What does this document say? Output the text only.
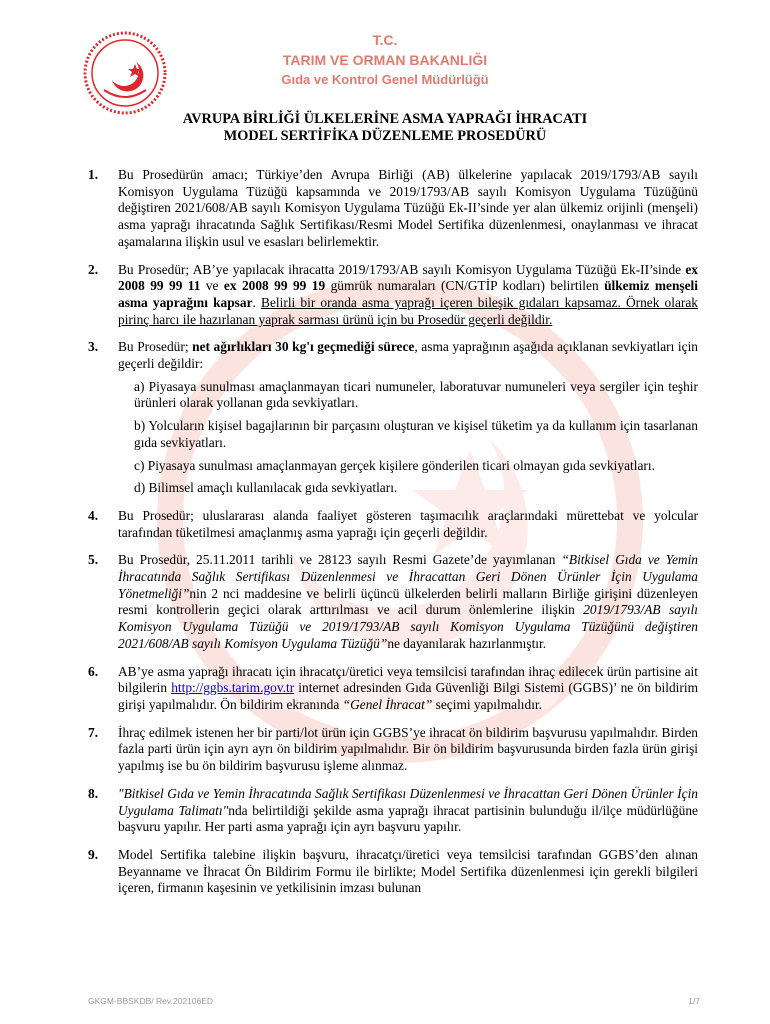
T.C.
TARIM VE ORMAN BAKANLIĞI
Gıda ve Kontrol Genel Müdürlüğü
AVRUPA BİRLİĞİ ÜLKELERİNE ASMA YAPRAĞI İHRACATI
MODEL SERTİFİKA DÜZENLEME PROSEDÜRÜ
1.	Bu Prosedürün amacı; Türkiye’den Avrupa Birliği (AB) ülkelerine yapılacak 2019/1793/AB sayılı Komisyon Uygulama Tüzüğü kapsamında ve 2019/1793/AB sayılı Komisyon Uygulama Tüzüğünü değiştiren 2021/608/AB sayılı Komisyon Uygulama Tüzüğü Ek-II’sinde yer alan ülkemiz orijinli (menşeli) asma yaprağı ihracatında Sağlık Sertifikası/Resmi Model Sertifika düzenlenmesi, onaylanması ve ihracat aşamalarına ilişkin usul ve esasları belirlemektir.
2.	Bu Prosedür; AB’ye yapılacak ihracatta 2019/1793/AB sayılı Komisyon Uygulama Tüzüğü Ek-II’sinde ex 2008 99 99 11 ve ex 2008 99 99 19 gümrük numaraları (CN/GTİP kodları) belirtilen ülkemiz menşeli asma yaprağını kapsar. Belirli bir oranda asma yaprağı içeren bileşik gıdaları kapsamaz. Örnek olarak pirinç harcı ile hazırlanan yaprak sarması ürünü için bu Prosedür geçerli değildir.
3.	Bu Prosedür; net ağırlıkları 30 kg'ı geçmediği sürece, asma yaprağının aşağıda açıklanan sevkiyatları için geçerli değildir:
a) Piyasaya sunulması amaçlanmayan ticari numuneler, laboratuvar numuneleri veya sergiler için teşhir ürünleri olarak yollanan gıda sevkiyatları.
b) Yolcuların kişisel bagajlarının bir parçasını oluşturan ve kişisel tüketim ya da kullanım için tasarlanan gıda sevkiyatları.
c) Piyasaya sunulması amaçlanmayan gerçek kişilere gönderilen ticari olmayan gıda sevkiyatları.
d) Bilimsel amaçlı kullanılacak gıda sevkiyatları.
4.	Bu Prosedür; uluslararası alanda faaliyet gösteren taşımacılık araçlarındaki mürettebat ve yolcular tarafından tüketilmesi amaçlanmış asma yaprağı için geçerli değildir.
5.	Bu Prosedür, 25.11.2011 tarihli ve 28123 sayılı Resmi Gazete’de yayımlanan “Bitkisel Gıda ve Yemin İhracatında Sağlık Sertifikası Düzenlenmesi ve İhracattan Geri Dönen Ürünler İçin Uygulama Yönetmeliği”nin 2 nci maddesine ve belirli üçüncü ülkelerden belirli malların Birliğe girişini düzenleyen resmi kontrollerin geçici olarak arttırılması ve acil durum önlemlerine ilişkin 2019/1793/AB sayılı Komisyon Uygulama Tüzüğü ve 2019/1793/AB sayılı Komisyon Uygulama Tüzüğünü değiştiren 2021/608/AB sayılı Komisyon Uygulama Tüzüğü”ne dayanılarak hazırlanmıştır.
6.	AB’ye asma yaprağı ihracatı için ihracatçı/üretici veya temsilcisi tarafından ihraç edilecek ürün partisine ait bilgilerin http://ggbs.tarim.gov.tr internet adresinden Gıda Güvenliği Bilgi Sistemi (GGBS)’ ne ön bildirim girişi yapılmalıdır. Ön bildirim ekranında “Genel İhracat” seçimi yapılmalıdır.
7.	İhraç edilmek istenen her bir parti/lot ürün için GGBS’ye ihracat ön bildirim başvurusu yapılmalıdır. Birden fazla parti ürün için ayrı ayrı ön bildirim yapılmalıdır. Bir ön bildirim başvurusunda birden fazla ürün girişi yapılmış ise bu ön bildirim başvurusu işleme alınmaz.
8.	"Bitkisel Gıda ve Yemin İhracatında Sağlık Sertifikası Düzenlenmesi ve İhracattan Geri Dönen Ürünler İçin Uygulama Talimatı"nda belirtildiği şekilde asma yaprağı ihracat partisinin bulunduğu il/ilçe müdürlüğüne başvuru yapılır. Her parti asma yaprağı için ayrı başvuru yapılır.
9.	Model Sertifika talebine ilişkin başvuru, ihracatçı/üretici veya temsilcisi tarafından GGBS’den alınan Beyanname ve İhracat Ön Bildirim Formu ile birlikte; Model Sertifika düzenlenmesi için gerekli bilgileri içeren, firmanın kaşesinin ve yetkilisinin imzası bulunan
GKGM-BBSKDB/ Rev.202106ED	1/7
